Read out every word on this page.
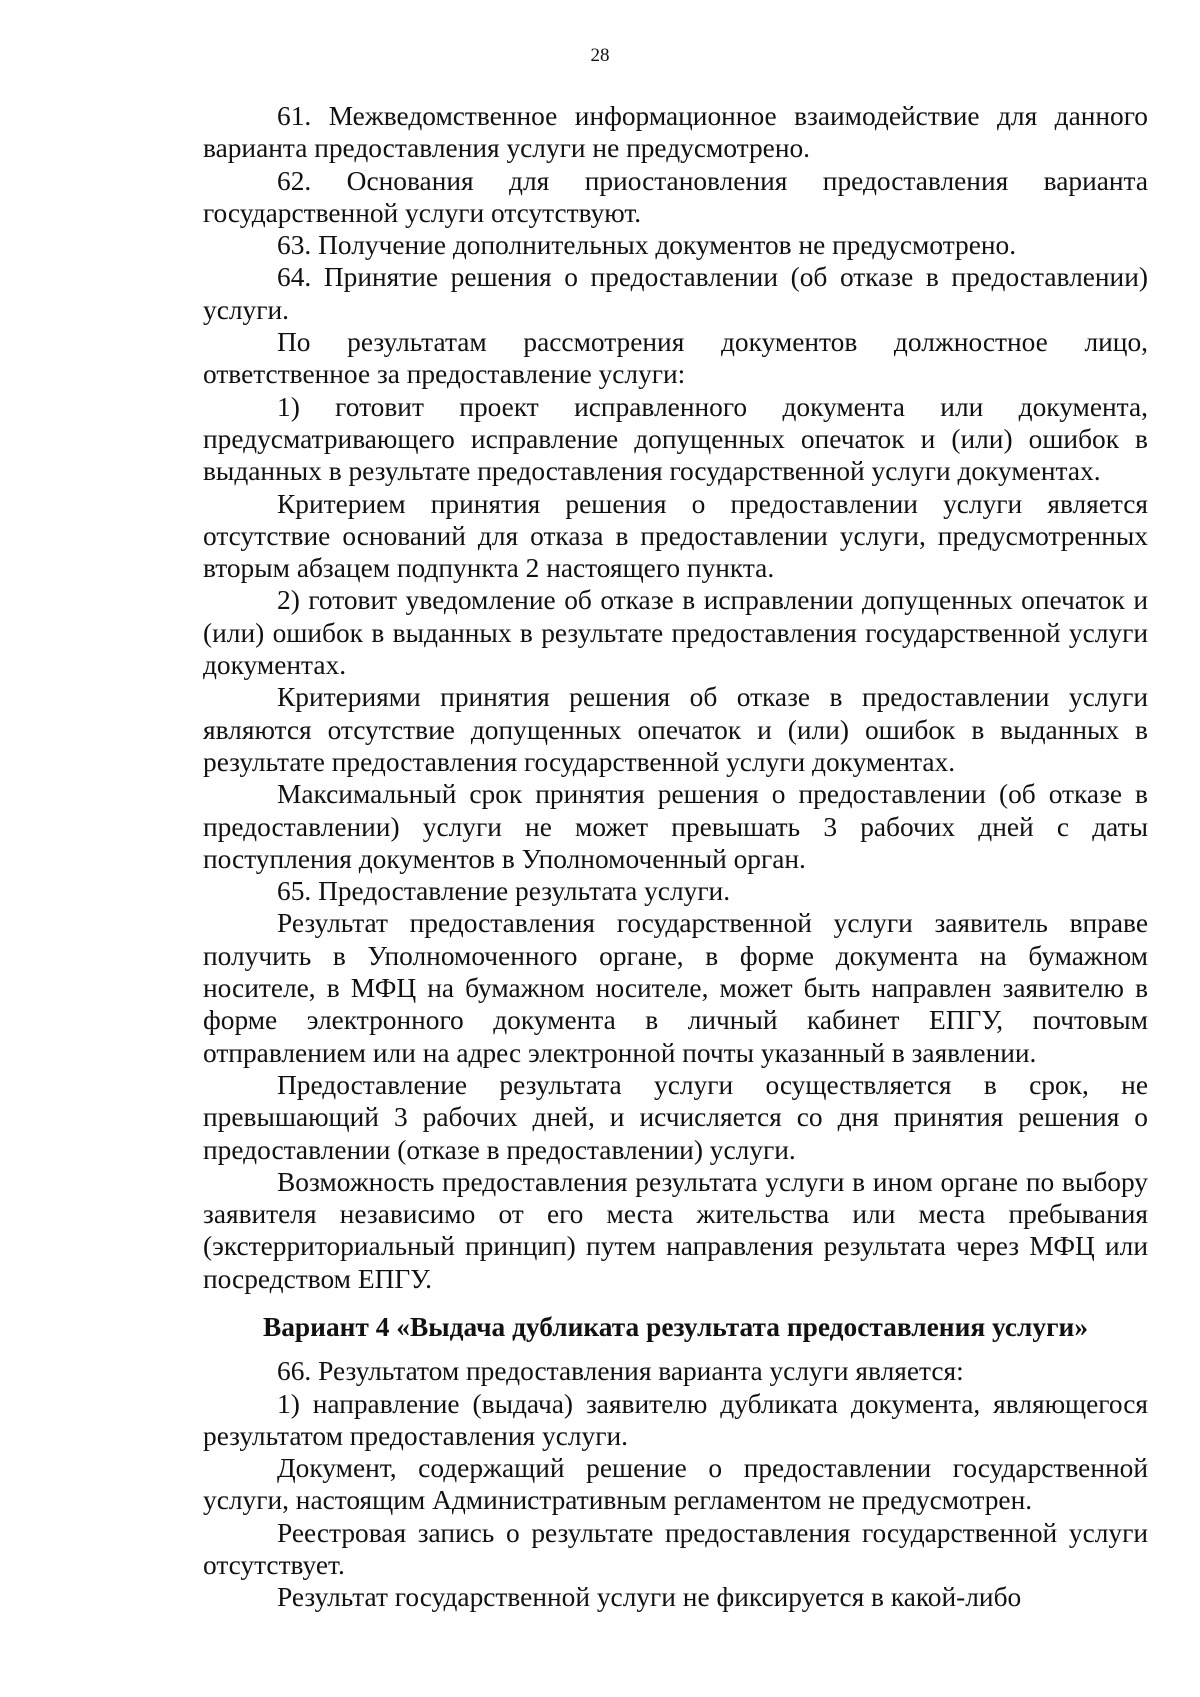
28

61. Межведомственное информационное взаимодействие для данного варианта предоставления услуги не предусмотрено.

62. Основания для приостановления предоставления варианта государственной услуги отсутствуют.

63. Получение дополнительных документов не предусмотрено.

64. Принятие решения о предоставлении (об отказе в предоставлении) услуги.

По результатам рассмотрения документов должностное лицо, ответственное за предоставление услуги:

1) готовит проект исправленного документа или документа, предусматривающего исправление допущенных опечаток и (или) ошибок в выданных в результате предоставления государственной услуги документах.

Критерием принятия решения о предоставлении услуги является отсутствие оснований для отказа в предоставлении услуги, предусмотренных вторым абзацем подпункта 2 настоящего пункта.

2) готовит уведомление об отказе в исправлении допущенных опечаток и (или) ошибок в выданных в результате предоставления государственной услуги документах.

Критериями принятия решения об отказе в предоставлении услуги являются отсутствие допущенных опечаток и (или) ошибок в выданных в результате предоставления государственной услуги документах.

Максимальный срок принятия решения о предоставлении (об отказе в предоставлении) услуги не может превышать 3 рабочих дней с даты поступления документов в Уполномоченный орган.

65. Предоставление результата услуги.

Результат предоставления государственной услуги заявитель вправе получить в Уполномоченного органе, в форме документа на бумажном носителе, в МФЦ на бумажном носителе, может быть направлен заявителю в форме электронного документа в личный кабинет ЕПГУ, почтовым отправлением или на адрес электронной почты указанный в заявлении.

Предоставление результата услуги осуществляется в срок, не превышающий 3 рабочих дней, и исчисляется со дня принятия решения о предоставлении (отказе в предоставлении) услуги.

Возможность предоставления результата услуги в ином органе по выбору заявителя независимо от его места жительства или места пребывания (экстерриториальный принцип) путем направления результата через МФЦ или посредством ЕПГУ.

Вариант 4 «Выдача дубликата результата предоставления услуги»

66. Результатом предоставления варианта услуги является:

1) направление (выдача) заявителю дубликата документа, являющегося результатом предоставления услуги.

Документ, содержащий решение о предоставлении государственной услуги, настоящим Административным регламентом не предусмотрен.

Реестровая запись о результате предоставления государственной услуги отсутствует.

Результат государственной услуги не фиксируется в какой-либо
